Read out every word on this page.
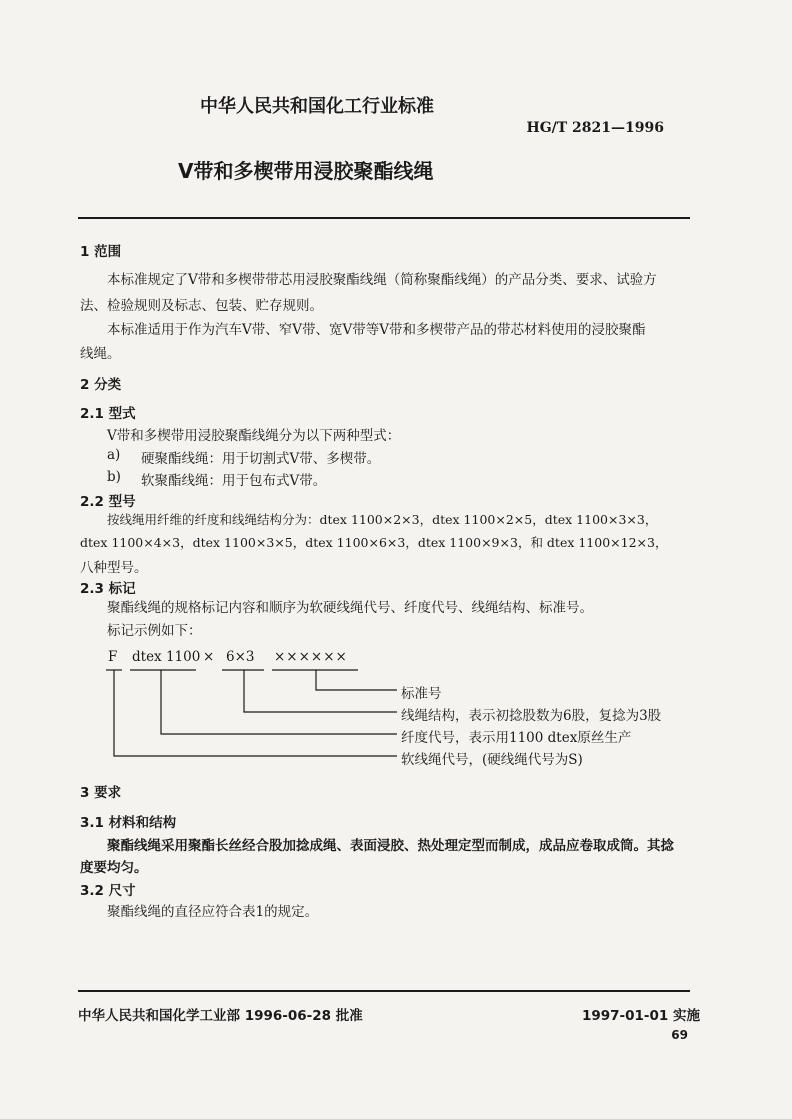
中华人民共和国化工行业标准
HG/T 2821—1996
V带和多楔带用浸胶聚酯线绳
1 范围
本标准规定了V带和多楔带带芯用浸胶聚酯线绳（简称聚酯线绳）的产品分类、要求、试验方
法、检验规则及标志、包装、贮存规则。
本标准适用于作为汽车V带、窄V带、宽V带等V带和多楔带产品的带芯材料使用的浸胶聚酯
线绳。
2 分类
2.1 型式
V带和多楔带用浸胶聚酯线绳分为以下两种型式：
a) 硬聚酯线绳：用于切割式V带、多楔带。
b) 软聚酯线绳：用于包布式V带。
2.2 型号
按线绳用纤维的纤度和线绳结构分为：dtex 1100×2×3，dtex 1100×2×5，dtex 1100×3×3，
dtex 1100×4×3，dtex 1100×3×5，dtex 1100×6×3，dtex 1100×9×3，和 dtex 1100×12×3，
八种型号。
2.3 标记
聚酯线绳的规格标记内容和顺序为软硬线绳代号、纤度代号、线绳结构、标准号。
标记示例如下：
F dtex 1100 × 6×3 ××××××
标准号
线绳结构，表示初捻股数为6股，复捻为3股
纤度代号，表示用1100 dtex原丝生产
软线绳代号，(硬线绳代号为S)
3 要求
3.1 材料和结构
聚酯线绳采用聚酯长丝经合股加捻成绳、表面浸胶、热处理定型而制成，成品应卷取成筒。其捻
度要均匀。
3.2 尺寸
聚酯线绳的直径应符合表1的规定。
中华人民共和国化学工业部 1996-06-28 批准	1997-01-01 实施
69
